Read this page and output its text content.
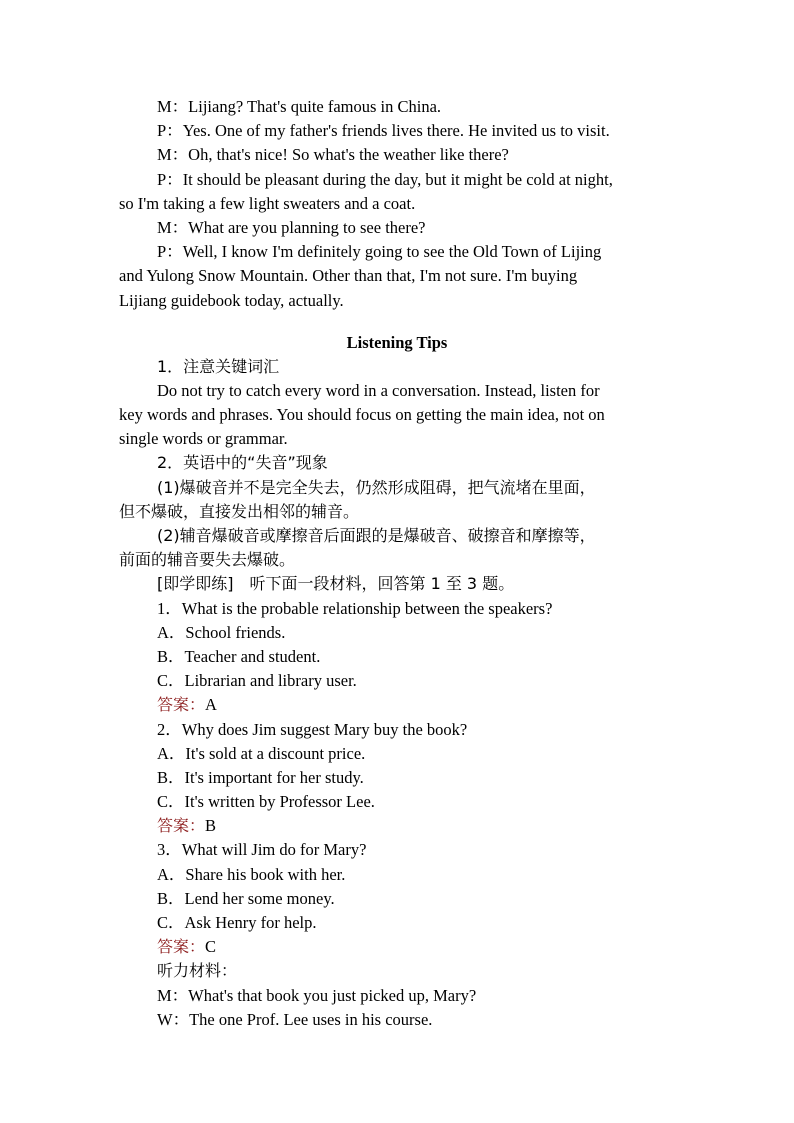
M：Lijiang? That's quite famous in China.

P：Yes. One of my father's friends lives there. He invited us to visit.

M：Oh, that's nice! So what's the weather like there?

P：It should be pleasant during the day, but it might be cold at night,

so I'm taking a few light sweaters and a coat.

M：What are you planning to see there?

P：Well, I know I'm definitely going to see the Old Town of Lijing

and Yulong Snow Mountain. Other than that, I'm not sure. I'm buying

Lijiang guidebook today, actually.

Listening Tips

1．注意关键词汇

Do not try to catch every word in a conversation. Instead, listen for

key words and phrases. You should focus on getting the main idea, not on

single words or grammar.

2．英语中的“失音”现象

(1)爆破音并不是完全失去，仍然形成阻碍，把气流堵在里面，

但不爆破，直接发出相邻的辅音。

(2)辅音爆破音或摩擦音后面跟的是爆破音、破擦音和摩擦等，

前面的辅音要失去爆破。

[即学即练]　听下面一段材料，回答第 1 至 3 题。

1．What is the probable relationship between the speakers?

A．School friends.

B．Teacher and student.

C．Librarian and library user.

答案：A

2．Why does Jim suggest Mary buy the book?

A．It's sold at a discount price.

B．It's important for her study.

C．It's written by Professor Lee.

答案：B

3．What will Jim do for Mary?

A．Share his book with her.

B．Lend her some money.

C．Ask Henry for help.

答案：C

听力材料：

M：What's that book you just picked up, Mary?

W：The one Prof. Lee uses in his course.
